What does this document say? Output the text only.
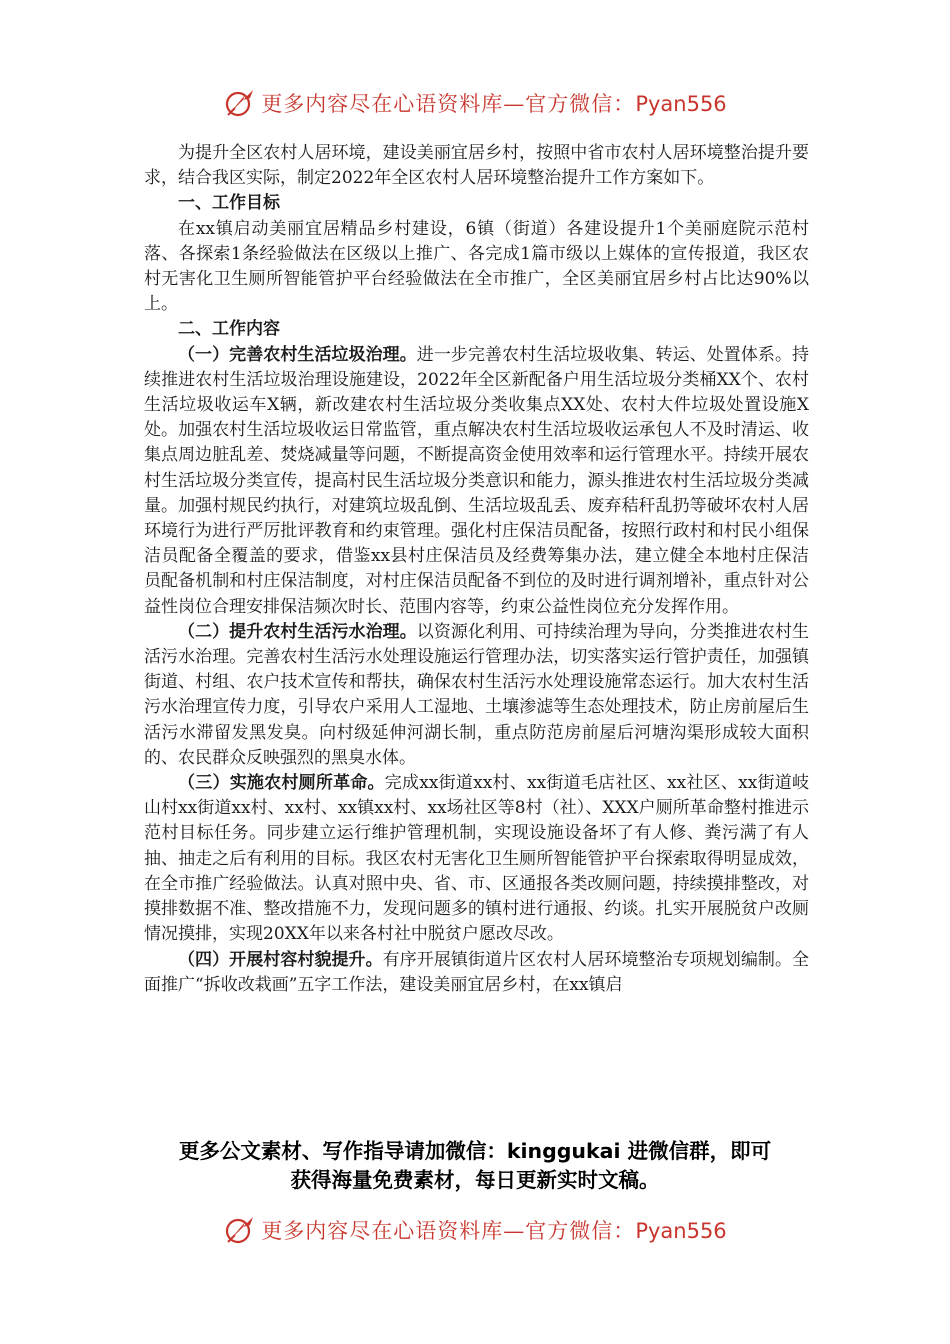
更多内容尽在心语资料库—官方微信：Pyan556

为提升全区农村人居环境，建设美丽宜居乡村，按照中省市农村人居环境整治提升要求，结合我区实际，制定2022年全区农村人居环境整治提升工作方案如下。

一、工作目标

在xx镇启动美丽宜居精品乡村建设，6镇（街道）各建设提升1个美丽庭院示范村落、各探索1条经验做法在区级以上推广、各完成1篇市级以上媒体的宣传报道，我区农村无害化卫生厕所智能管护平台经验做法在全市推广，全区美丽宜居乡村占比达90%以上。

二、工作内容

（一）完善农村生活垃圾治理。进一步完善农村生活垃圾收集、转运、处置体系。持续推进农村生活垃圾治理设施建设，2022年全区新配备户用生活垃圾分类桶XX个、农村生活垃圾收运车X辆，新改建农村生活垃圾分类收集点XX处、农村大件垃圾处置设施X处。加强农村生活垃圾收运日常监管，重点解决农村生活垃圾收运承包人不及时清运、收集点周边脏乱差、焚烧减量等问题，不断提高资金使用效率和运行管理水平。持续开展农村生活垃圾分类宣传，提高村民生活垃圾分类意识和能力，源头推进农村生活垃圾分类减量。加强村规民约执行，对建筑垃圾乱倒、生活垃圾乱丢、废弃秸秆乱扔等破坏农村人居环境行为进行严厉批评教育和约束管理。强化村庄保洁员配备，按照行政村和村民小组保洁员配备全覆盖的要求，借鉴xx县村庄保洁员及经费筹集办法，建立健全本地村庄保洁员配备机制和村庄保洁制度，对村庄保洁员配备不到位的及时进行调剂增补，重点针对公益性岗位合理安排保洁频次时长、范围内容等，约束公益性岗位充分发挥作用。

（二）提升农村生活污水治理。以资源化利用、可持续治理为导向，分类推进农村生活污水治理。完善农村生活污水处理设施运行管理办法，切实落实运行管护责任，加强镇街道、村组、农户技术宣传和帮扶，确保农村生活污水处理设施常态运行。加大农村生活污水治理宣传力度，引导农户采用人工湿地、土壤渗滤等生态处理技术，防止房前屋后生活污水滞留发黑发臭。向村级延伸河湖长制，重点防范房前屋后河塘沟渠形成较大面积的、农民群众反映强烈的黑臭水体。

（三）实施农村厕所革命。完成xx街道xx村、xx街道毛店社区、xx社区、xx街道岐山村xx街道xx村、xx村、xx镇xx村、xx场社区等8村（社）、XXX户厕所革命整村推进示范村目标任务。同步建立运行维护管理机制，实现设施设备坏了有人修、粪污满了有人抽、抽走之后有利用的目标。我区农村无害化卫生厕所智能管护平台探索取得明显成效，在全市推广经验做法。认真对照中央、省、市、区通报各类改厕问题，持续摸排整改，对摸排数据不准、整改措施不力，发现问题多的镇村进行通报、约谈。扎实开展脱贫户改厕情况摸排，实现20XX年以来各村社中脱贫户愿改尽改。

（四）开展村容村貌提升。有序开展镇街道片区农村人居环境整治专项规划编制。全面推广“拆收改栽画”五字工作法，建设美丽宜居乡村，在xx镇启

更多公文素材、写作指导请加微信：kinggukai 进微信群，即可
获得海量免费素材，每日更新实时文稿。
更多内容尽在心语资料库—官方微信：Pyan556
